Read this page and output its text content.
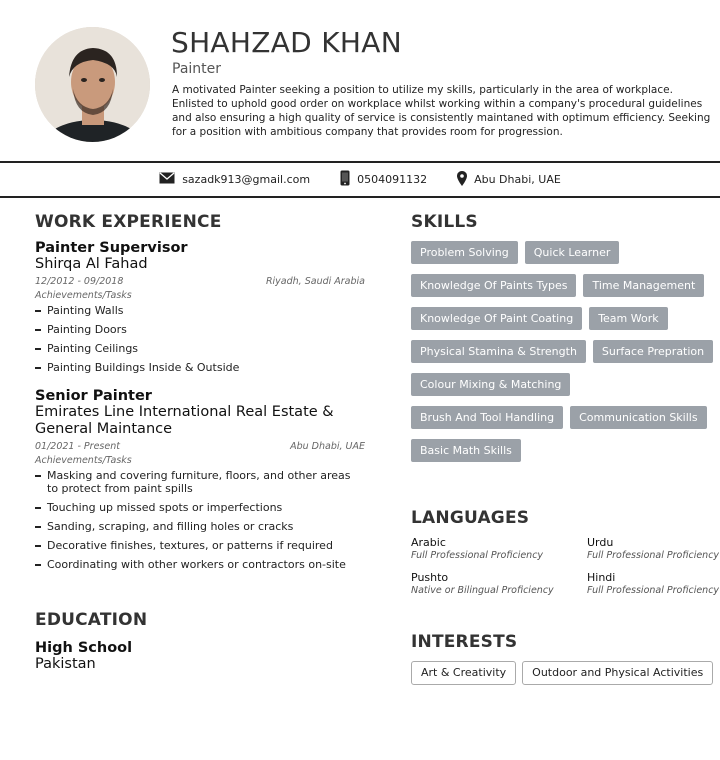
SHAHZAD KHAN
Painter
A motivated Painter seeking a position to utilize my skills, particularly in the area of workplace. Enlisted to uphold good order on workplace whilst working within a company's procedural guidelines and also ensuring a high quality of service is consistently maintaned with optimum efficiency. Seeking for a position with ambitious company that provides room for progression.
sazadk913@gmail.com	0504091132	Abu Dhabi, UAE
WORK EXPERIENCE
Painter Supervisor
Shirqa Al Fahad
12/2012 - 09/2018	Riyadh, Saudi Arabia
Achievements/Tasks
Painting Walls
Painting Doors
Painting Ceilings
Painting Buildings Inside & Outside
Senior Painter
Emirates Line International Real Estate & General Maintance
01/2021 - Present	Abu Dhabi, UAE
Achievements/Tasks
Masking and covering furniture, floors, and other areas to protect from paint spills
Touching up missed spots or imperfections
Sanding, scraping, and filling holes or cracks
Decorative finishes, textures, or patterns if required
Coordinating with other workers or contractors on-site
EDUCATION
High School
Pakistan
SKILLS
Problem Solving	Quick Learner
Knowledge Of Paints Types	Time Management
Knowledge Of Paint Coating	Team Work
Physical Stamina & Strength	Surface Prepration
Colour Mixing & Matching
Brush And Tool Handling	Communication Skills
Basic Math Skills
LANGUAGES
Arabic
Full Professional Proficiency
Urdu
Full Professional Proficiency
Pushto
Native or Bilingual Proficiency
Hindi
Full Professional Proficiency
INTERESTS
Art & Creativity	Outdoor and Physical Activities
